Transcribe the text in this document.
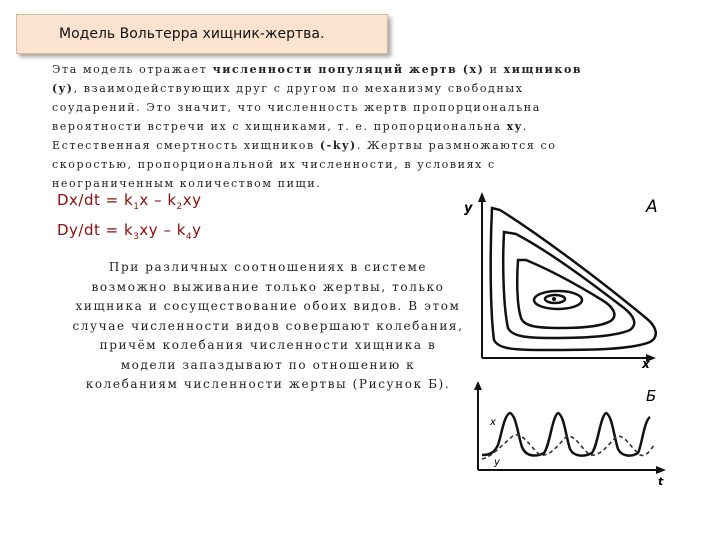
Модель Вольтерра хищник-жертва.
Эта модель отражает численности популяций жертв (x) и хищников (y), взаимодействующих друг с другом по механизму свободных соударений. Это значит, что численность жертв пропорциональна вероятности встречи их с хищниками, т. е. пропорциональна xy. Естественная смертность хищников (-ky). Жертвы размножаются со скоростью, пропорциональной их численности, в условиях с неограниченным количеством пищи.
$Dx/dt = k_1x - k_2xy$
$Dy/dt = k_3xy - k_4y$
При различных соотношениях в системе возможно выживание только жертвы, только хищника и сосуществование обоих видов. В этом случае численности видов совершают колебания, причём колебания численности хищника в модели запаздывают по отношению к колебаниям численности жертвы (Рисунок Б).
y
x
А
Б
t
x
y
